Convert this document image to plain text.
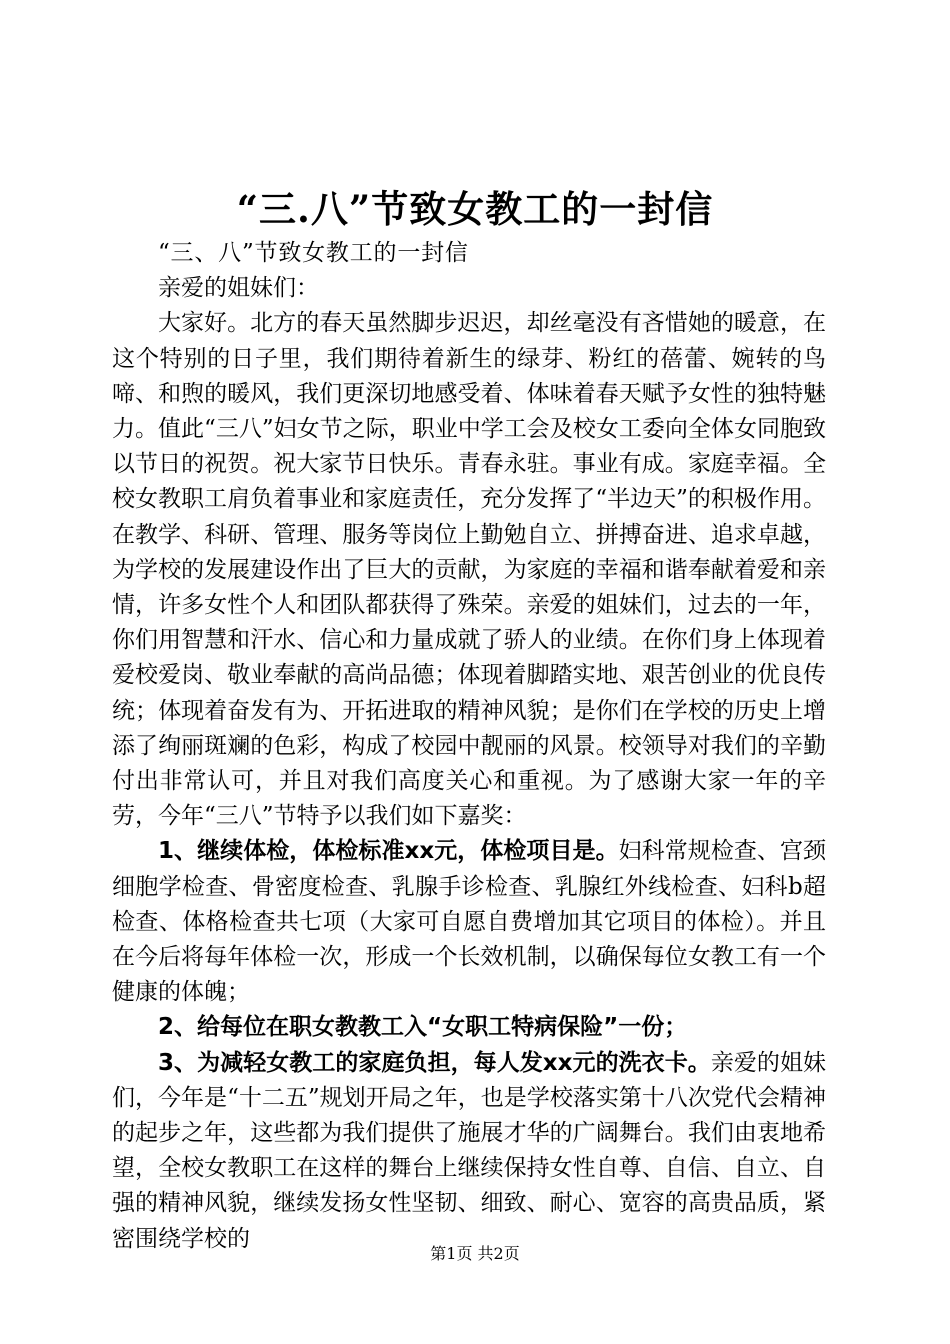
“三.八”节致女教工的一封信

“三、八”节致女教工的一封信

亲爱的姐妹们：

大家好。北方的春天虽然脚步迟迟，却丝毫没有吝惜她的暖意，在这个特别的日子里，我们期待着新生的绿芽、粉红的蓓蕾、婉转的鸟啼、和煦的暖风，我们更深切地感受着、体味着春天赋予女性的独特魅力。值此“三八”妇女节之际，职业中学工会及校女工委向全体女同胞致以节日的祝贺。祝大家节日快乐。青春永驻。事业有成。家庭幸福。全校女教职工肩负着事业和家庭责任，充分发挥了“半边天”的积极作用。在教学、科研、管理、服务等岗位上勤勉自立、拼搏奋进、追求卓越，为学校的发展建设作出了巨大的贡献，为家庭的幸福和谐奉献着爱和亲情，许多女性个人和团队都获得了殊荣。亲爱的姐妹们，过去的一年，你们用智慧和汗水、信心和力量成就了骄人的业绩。在你们身上体现着爱校爱岗、敬业奉献的高尚品德；体现着脚踏实地、艰苦创业的优良传统；体现着奋发有为、开拓进取的精神风貌；是你们在学校的历史上增添了绚丽斑斓的色彩，构成了校园中靓丽的风景。校领导对我们的辛勤付出非常认可，并且对我们高度关心和重视。为了感谢大家一年的辛劳，今年“三八”节特予以我们如下嘉奖：

1、继续体检，体检标准xx元，体检项目是。妇科常规检查、宫颈细胞学检查、骨密度检查、乳腺手诊检查、乳腺红外线检查、妇科b超检查、体格检查共七项（大家可自愿自费增加其它项目的体检）。并且在今后将每年体检一次，形成一个长效机制，以确保每位女教工有一个健康的体魄；

2、给每位在职女教教工入“女职工特病保险”一份；

3、为减轻女教工的家庭负担，每人发xx元的洗衣卡。亲爱的姐妹们，今年是“十二五”规划开局之年，也是学校落实第十八次党代会精神的起步之年，这些都为我们提供了施展才华的广阔舞台。我们由衷地希望，全校女教职工在这样的舞台上继续保持女性自尊、自信、自立、自强的精神风貌，继续发扬女性坚韧、细致、耐心、宽容的高贵品质，紧密围绕学校的

第1页 共2页
